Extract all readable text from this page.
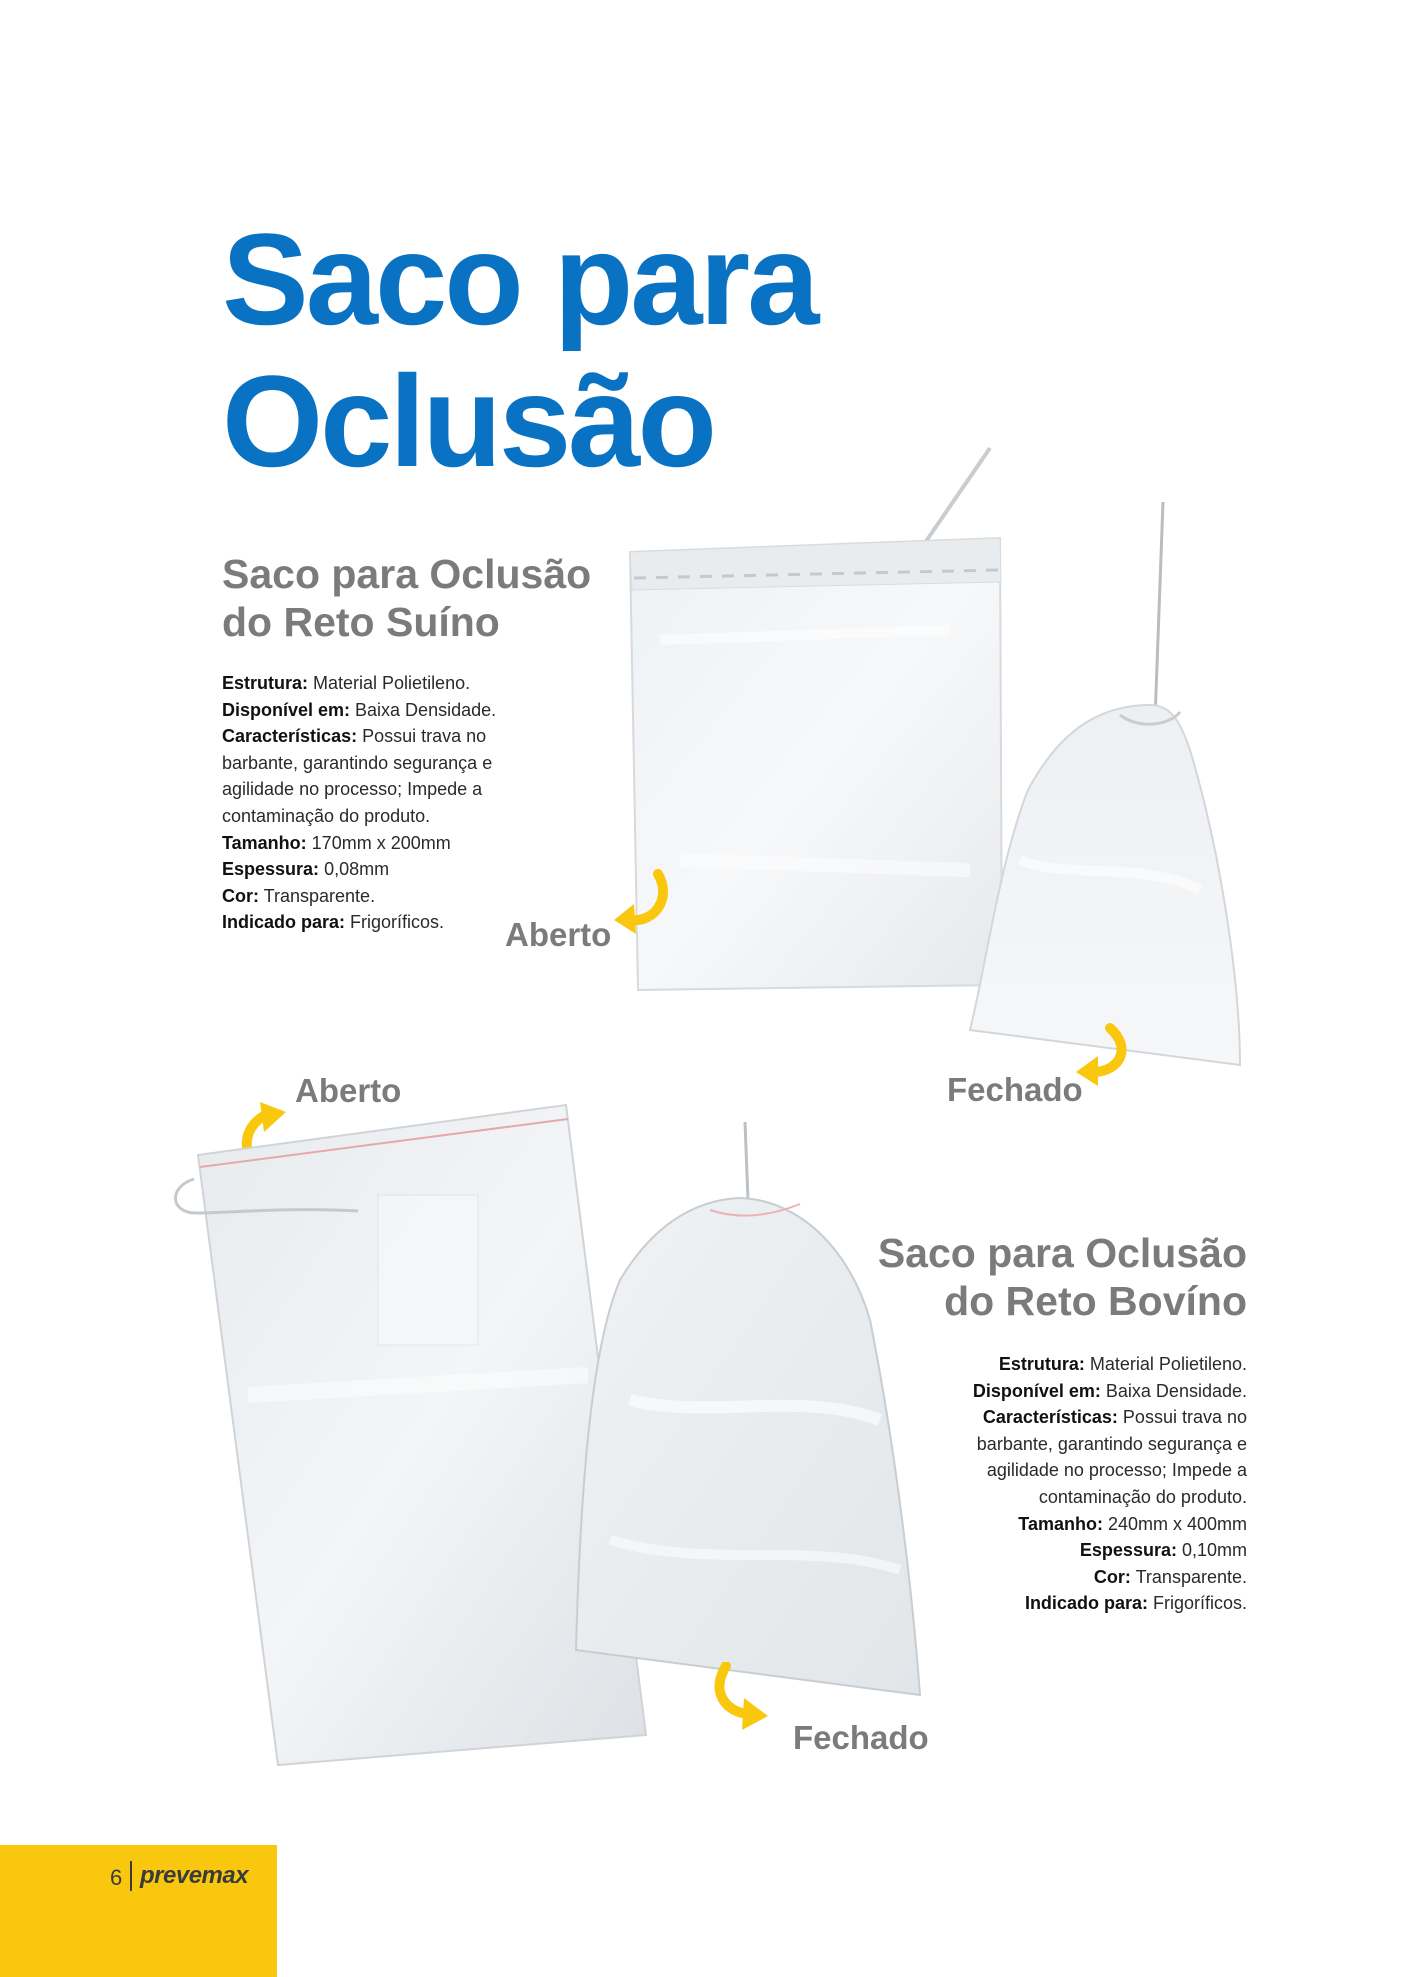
Saco para
Oclusão
Saco para Oclusão
do Reto Suíno
Estrutura: Material Polietileno.
Disponível em: Baixa Densidade.
Características: Possui trava no barbante, garantindo segurança e agilidade no processo; Impede a contaminação do produto.
Tamanho: 170mm x 200mm
Espessura: 0,08mm
Cor: Transparente.
Indicado para: Frigoríficos.	Aberto
Fechado
Aberto
Fechado
Saco para Oclusão
do Reto Bovíno
Estrutura: Material Polietileno.
Disponível em: Baixa Densidade.
Características: Possui trava no barbante, garantindo segurança e agilidade no processo; Impede a contaminação do produto.
Tamanho: 240mm x 400mm
Espessura: 0,10mm
Cor: Transparente.
Indicado para: Frigoríficos.
6 prevemax
